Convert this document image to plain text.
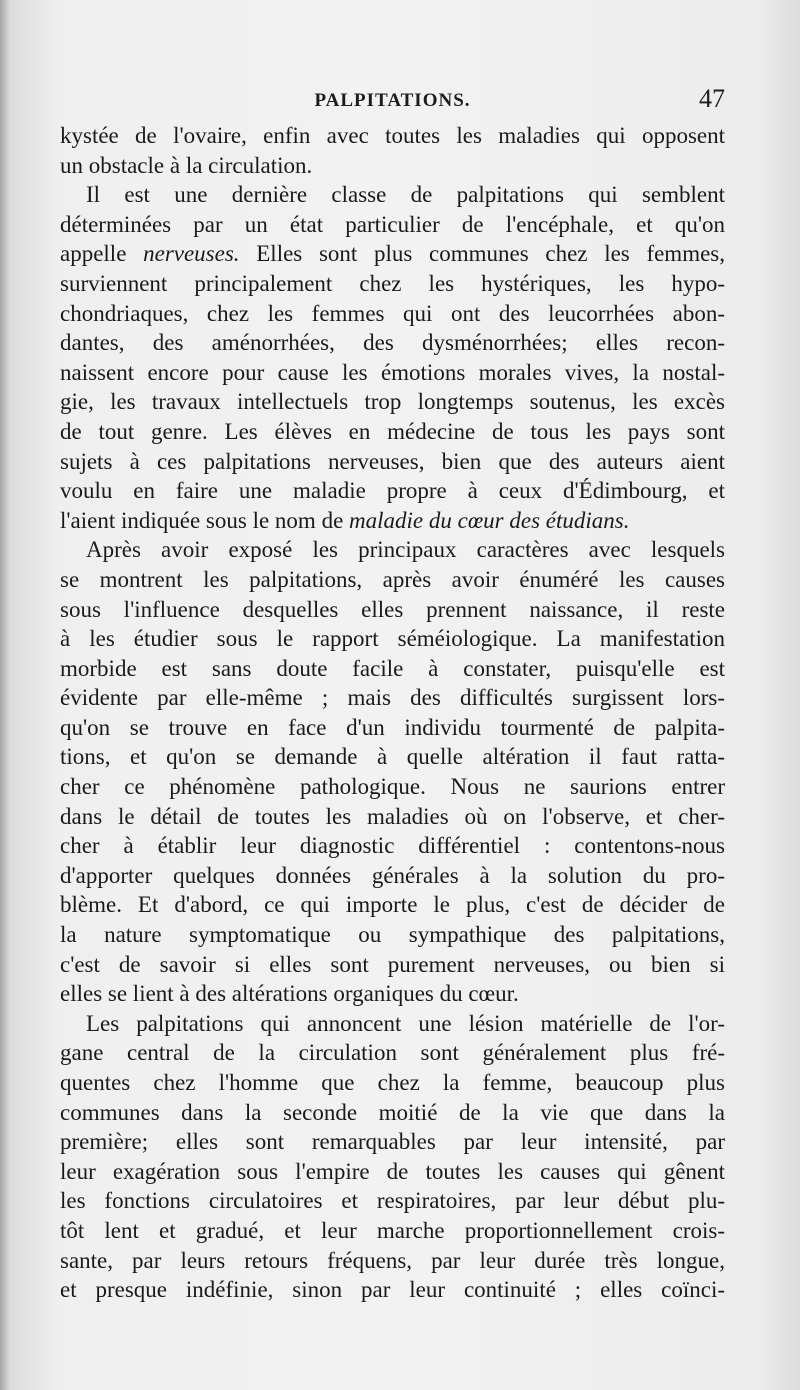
PALPITATIONS.	47
kystée de l'ovaire, enfin avec toutes les maladies qui opposent
un obstacle à la circulation.
Il est une dernière classe de palpitations qui semblent
déterminées par un état particulier de l'encéphale, et qu'on
appelle nerveuses. Elles sont plus communes chez les femmes,
surviennent principalement chez les hystériques, les hypo-
chondriaques, chez les femmes qui ont des leucorrhées abon-
dantes, des aménorrhées, des dysménorrhées; elles recon-
naissent encore pour cause les émotions morales vives, la nostal-
gie, les travaux intellectuels trop longtemps soutenus, les excès
de tout genre. Les élèves en médecine de tous les pays sont
sujets à ces palpitations nerveuses, bien que des auteurs aient
voulu en faire une maladie propre à ceux d'Édimbourg, et
l'aient indiquée sous le nom de maladie du cœur des étudians.
Après avoir exposé les principaux caractères avec lesquels
se montrent les palpitations, après avoir énuméré les causes
sous l'influence desquelles elles prennent naissance, il reste
à les étudier sous le rapport séméiologique. La manifestation
morbide est sans doute facile à constater, puisqu'elle est
évidente par elle-même ; mais des difficultés surgissent lors-
qu'on se trouve en face d'un individu tourmenté de palpita-
tions, et qu'on se demande à quelle altération il faut ratta-
cher ce phénomène pathologique. Nous ne saurions entrer
dans le détail de toutes les maladies où on l'observe, et cher-
cher à établir leur diagnostic différentiel : contentons-nous
d'apporter quelques données générales à la solution du pro-
blème. Et d'abord, ce qui importe le plus, c'est de décider de
la nature symptomatique ou sympathique des palpitations,
c'est de savoir si elles sont purement nerveuses, ou bien si
elles se lient à des altérations organiques du cœur.
Les palpitations qui annoncent une lésion matérielle de l'or-
gane central de la circulation sont généralement plus fré-
quentes chez l'homme que chez la femme, beaucoup plus
communes dans la seconde moitié de la vie que dans la
première; elles sont remarquables par leur intensité, par
leur exagération sous l'empire de toutes les causes qui gênent
les fonctions circulatoires et respiratoires, par leur début plu-
tôt lent et gradué, et leur marche proportionnellement crois-
sante, par leurs retours fréquens, par leur durée très longue,
et presque indéfinie, sinon par leur continuité ; elles coïnci-
